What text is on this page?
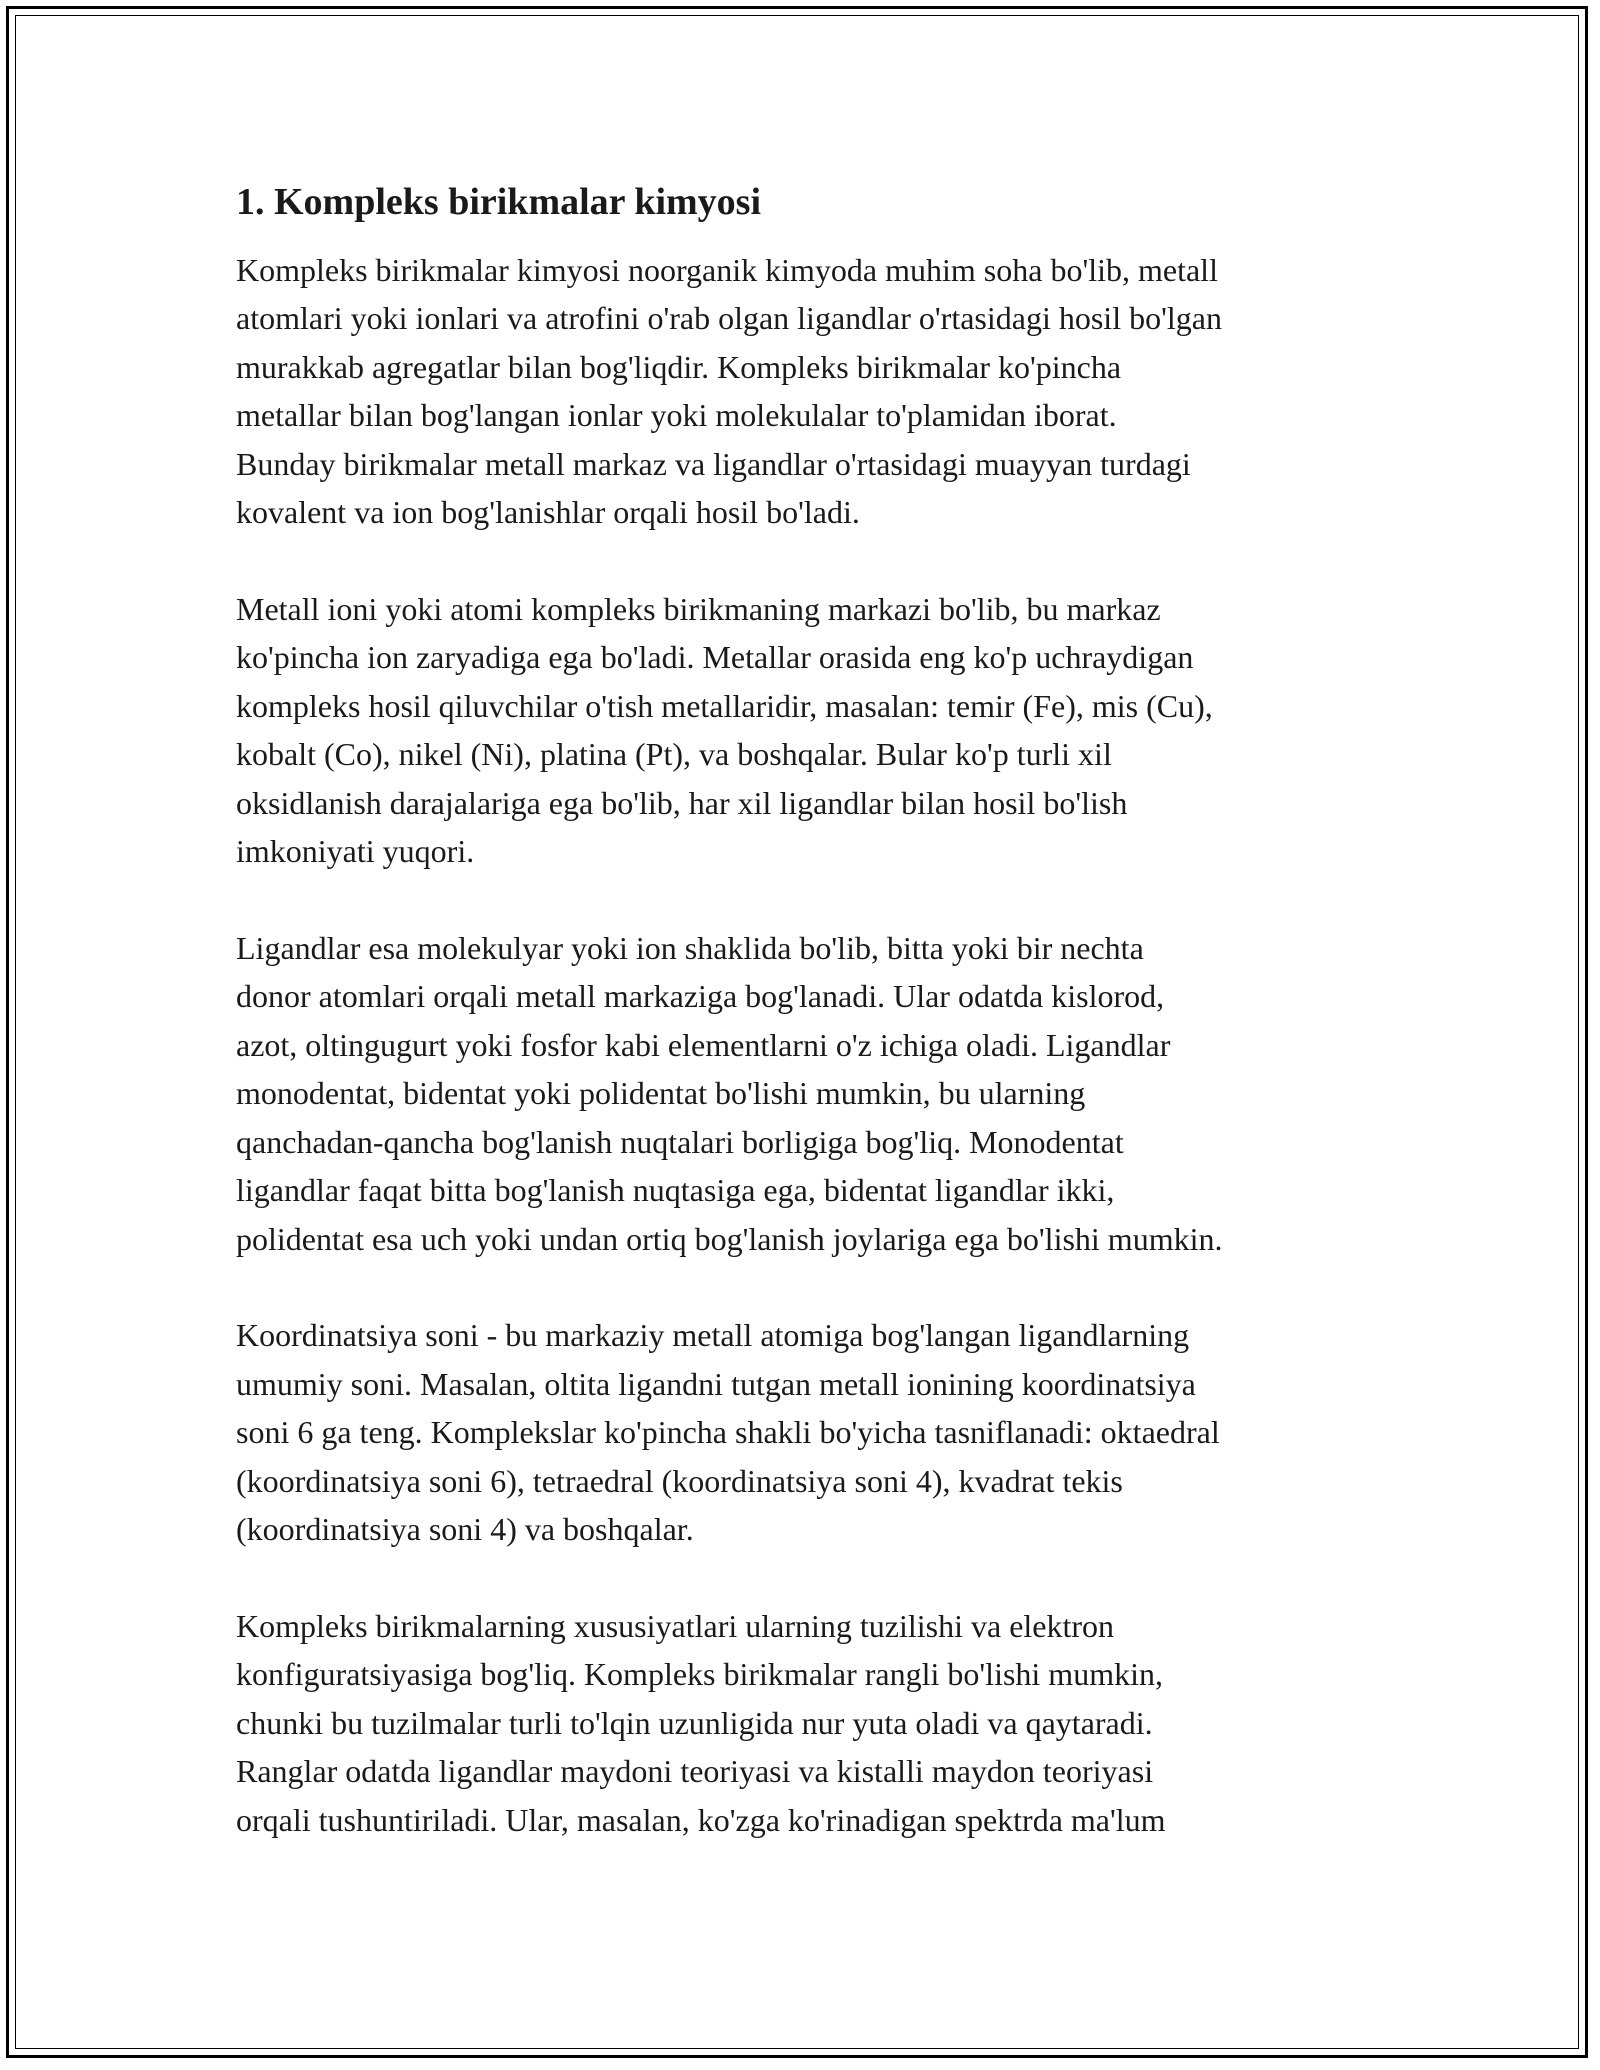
1. Kompleks birikmalar kimyosi

Kompleks birikmalar kimyosi noorganik kimyoda muhim soha bo'lib, metall
atomlari yoki ionlari va atrofini o'rab olgan ligandlar o'rtasidagi hosil bo'lgan
murakkab agregatlar bilan bog'liqdir. Kompleks birikmalar ko'pincha
metallar bilan bog'langan ionlar yoki molekulalar to'plamidan iborat.
Bunday birikmalar metall markaz va ligandlar o'rtasidagi muayyan turdagi
kovalent va ion bog'lanishlar orqali hosil bo'ladi.

Metall ioni yoki atomi kompleks birikmaning markazi bo'lib, bu markaz
ko'pincha ion zaryadiga ega bo'ladi. Metallar orasida eng ko'p uchraydigan
kompleks hosil qiluvchilar o'tish metallaridir, masalan: temir (Fe), mis (Cu),
kobalt (Co), nikel (Ni), platina (Pt), va boshqalar. Bular ko'p turli xil
oksidlanish darajalariga ega bo'lib, har xil ligandlar bilan hosil bo'lish
imkoniyati yuqori.

Ligandlar esa molekulyar yoki ion shaklida bo'lib, bitta yoki bir nechta
donor atomlari orqali metall markaziga bog'lanadi. Ular odatda kislorod,
azot, oltingugurt yoki fosfor kabi elementlarni o'z ichiga oladi. Ligandlar
monodentat, bidentat yoki polidentat bo'lishi mumkin, bu ularning
qanchadan-qancha bog'lanish nuqtalari borligiga bog'liq. Monodentat
ligandlar faqat bitta bog'lanish nuqtasiga ega, bidentat ligandlar ikki,
polidentat esa uch yoki undan ortiq bog'lanish joylariga ega bo'lishi mumkin.

Koordinatsiya soni - bu markaziy metall atomiga bog'langan ligandlarning
umumiy soni. Masalan, oltita ligandni tutgan metall ionining koordinatsiya
soni 6 ga teng. Komplekslar ko'pincha shakli bo'yicha tasniflanadi: oktaedral
(koordinatsiya soni 6), tetraedral (koordinatsiya soni 4), kvadrat tekis
(koordinatsiya soni 4) va boshqalar.

Kompleks birikmalarning xususiyatlari ularning tuzilishi va elektron
konfiguratsiyasiga bog'liq. Kompleks birikmalar rangli bo'lishi mumkin,
chunki bu tuzilmalar turli to'lqin uzunligida nur yuta oladi va qaytaradi.
Ranglar odatda ligandlar maydoni teoriyasi va kistalli maydon teoriyasi
orqali tushuntiriladi. Ular, masalan, ko'zga ko'rinadigan spektrda ma'lum
